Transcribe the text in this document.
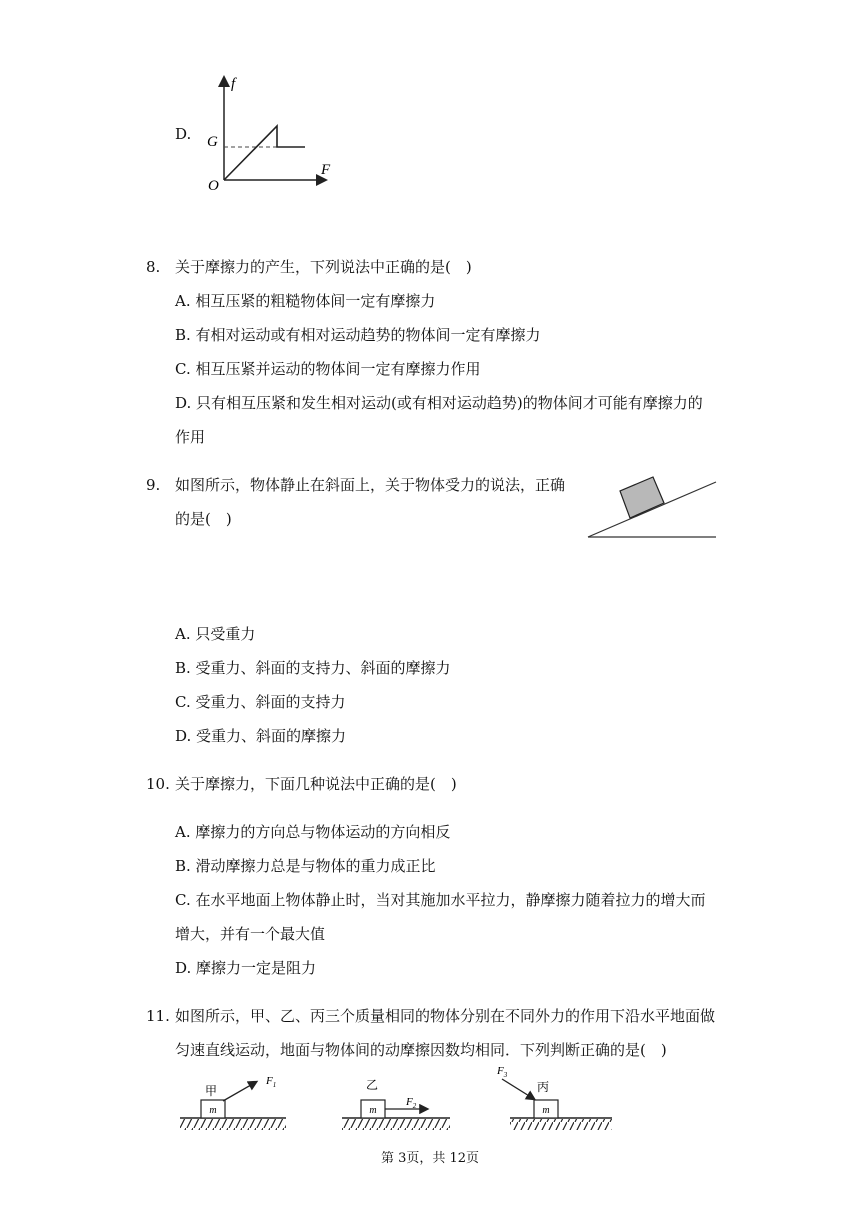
D.
f
F
O
G
8. 关于摩擦力的产生，下列说法中正确的是(　)
A. 相互压紧的粗糙物体间一定有摩擦力
B. 有相对运动或有相对运动趋势的物体间一定有摩擦力
C. 相互压紧并运动的物体间一定有摩擦力作用
D. 只有相互压紧和发生相对运动(或有相对运动趋势)的物体间才可能有摩擦力的
作用
9. 如图所示，物体静止在斜面上，关于物体受力的说法，正确
的是(　)
A. 只受重力
B. 受重力、斜面的支持力、斜面的摩擦力
C. 受重力、斜面的支持力
D. 受重力、斜面的摩擦力
10. 关于摩擦力，下面几种说法中正确的是(　)
A. 摩擦力的方向总与物体运动的方向相反
B. 滑动摩擦力总是与物体的重力成正比
C. 在水平地面上物体静止时，当对其施加水平拉力，静摩擦力随着拉力的增大而
增大，并有一个最大值
D. 摩擦力一定是阻力
11. 如图所示，甲、乙、丙三个质量相同的物体分别在不同外力的作用下沿水平地面做
匀速直线运动，地面与物体间的动摩擦因数均相同．下列判断正确的是(　)
m
甲
$F_1$
m
乙
$F_2$	m
丙
$F_3$
第 3页，共 12页
